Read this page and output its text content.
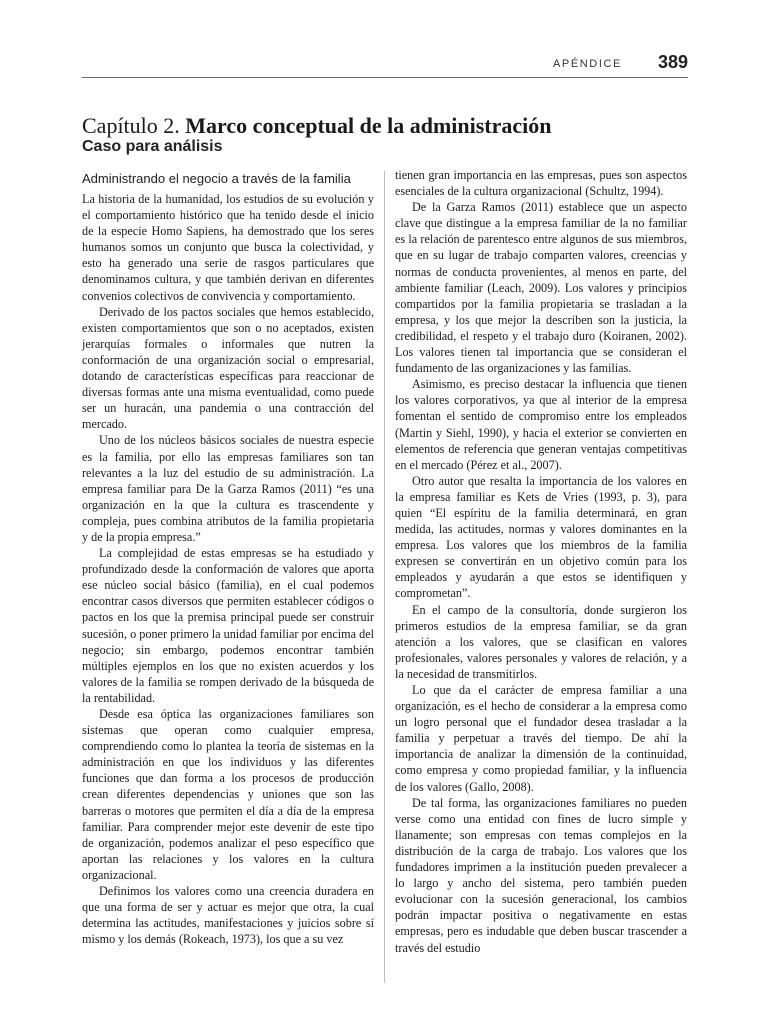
APÉNDICE 389
Capítulo 2. Marco conceptual de la administración
Caso para análisis
Administrando el negocio a través de la familia

La historia de la humanidad, los estudios de su evolución y el comportamiento histórico que ha tenido desde el inicio de la especie Homo Sapiens, ha demostrado que los seres humanos somos un conjunto que busca la colectividad, y esto ha generado una serie de rasgos particulares que denominamos cultura, y que también derivan en diferentes convenios colectivos de convivencia y comportamiento.

Derivado de los pactos sociales que hemos establecido, existen comportamientos que son o no aceptados, existen jerarquías formales o informales que nutren la conformación de una organización social o empresarial, dotando de características específicas para reaccionar de diversas formas ante una misma eventualidad, como puede ser un huracán, una pandemia o una contracción del mercado.

Uno de los núcleos básicos sociales de nuestra especie es la familia, por ello las empresas familiares son tan relevantes a la luz del estudio de su administración. La empresa familiar para De la Garza Ramos (2011) “es una organización en la que la cultura es trascendente y compleja, pues combina atributos de la familia propietaria y de la propia empresa.”

La complejidad de estas empresas se ha estudiado y profundizado desde la conformación de valores que aporta ese núcleo social básico (familia), en el cual podemos encontrar casos diversos que permiten establecer códigos o pactos en los que la premisa principal puede ser construir sucesión, o poner primero la unidad familiar por encima del negocio; sin embargo, podemos encontrar también múltiples ejemplos en los que no existen acuerdos y los valores de la familia se rompen derivado de la búsqueda de la rentabilidad.

Desde esa óptica las organizaciones familiares son sistemas que operan como cualquier empresa, comprendiendo como lo plantea la teoría de sistemas en la administración en que los individuos y las diferentes funciones que dan forma a los procesos de producción crean diferentes dependencias y uniones que son las barreras o motores que permiten el día a día de la empresa familiar. Para comprender mejor este devenir de este tipo de organización, podemos analizar el peso específico que aportan las relaciones y los valores en la cultura organizacional.

Definimos los valores como una creencia duradera en que una forma de ser y actuar es mejor que otra, la cual determina las actitudes, manifestaciones y juicios sobre sí mismo y los demás (Rokeach, 1973), los que a su vez

tienen gran importancia en las empresas, pues son aspectos esenciales de la cultura organizacional (Schultz, 1994).

De la Garza Ramos (2011) establece que un aspecto clave que distingue a la empresa familiar de la no familiar es la relación de parentesco entre algunos de sus miembros, que en su lugar de trabajo comparten valores, creencias y normas de conducta provenientes, al menos en parte, del ambiente familiar (Leach, 2009). Los valores y principios compartidos por la familia propietaria se trasladan a la empresa, y los que mejor la describen son la justicia, la credibilidad, el respeto y el trabajo duro (Koiranen, 2002). Los valores tienen tal importancia que se consideran el fundamento de las organizaciones y las familias.

Asimismo, es preciso destacar la influencia que tienen los valores corporativos, ya que al interior de la empresa fomentan el sentido de compromiso entre los empleados (Martin y Siehl, 1990), y hacia el exterior se convierten en elementos de referencia que generan ventajas competitivas en el mercado (Pérez et al., 2007).

Otro autor que resalta la importancia de los valores en la empresa familiar es Kets de Vries (1993, p. 3), para quien “El espíritu de la familia determinará, en gran medida, las actitudes, normas y valores dominantes en la empresa. Los valores que los miembros de la familia expresen se convertirán en un objetivo común para los empleados y ayudarán a que estos se identifiquen y comprometan”.

En el campo de la consultoría, donde surgieron los primeros estudios de la empresa familiar, se da gran atención a los valores, que se clasifican en valores profesionales, valores personales y valores de relación, y a la necesidad de transmitirlos.

Lo que da el carácter de empresa familiar a una organización, es el hecho de considerar a la empresa como un logro personal que el fundador desea trasladar a la familia y perpetuar a través del tiempo. De ahí la importancia de analizar la dimensión de la continuidad, como empresa y como propiedad familiar, y la influencia de los valores (Gallo, 2008).

De tal forma, las organizaciones familiares no pueden verse como una entidad con fines de lucro simple y llanamente; son empresas con temas complejos en la distribución de la carga de trabajo. Los valores que los fundadores imprimen a la institución pueden prevalecer a lo largo y ancho del sistema, pero también pueden evolucionar con la sucesión generacional, los cambios podrán impactar positiva o negativamente en estas empresas, pero es indudable que deben buscar trascender a través del estudio
